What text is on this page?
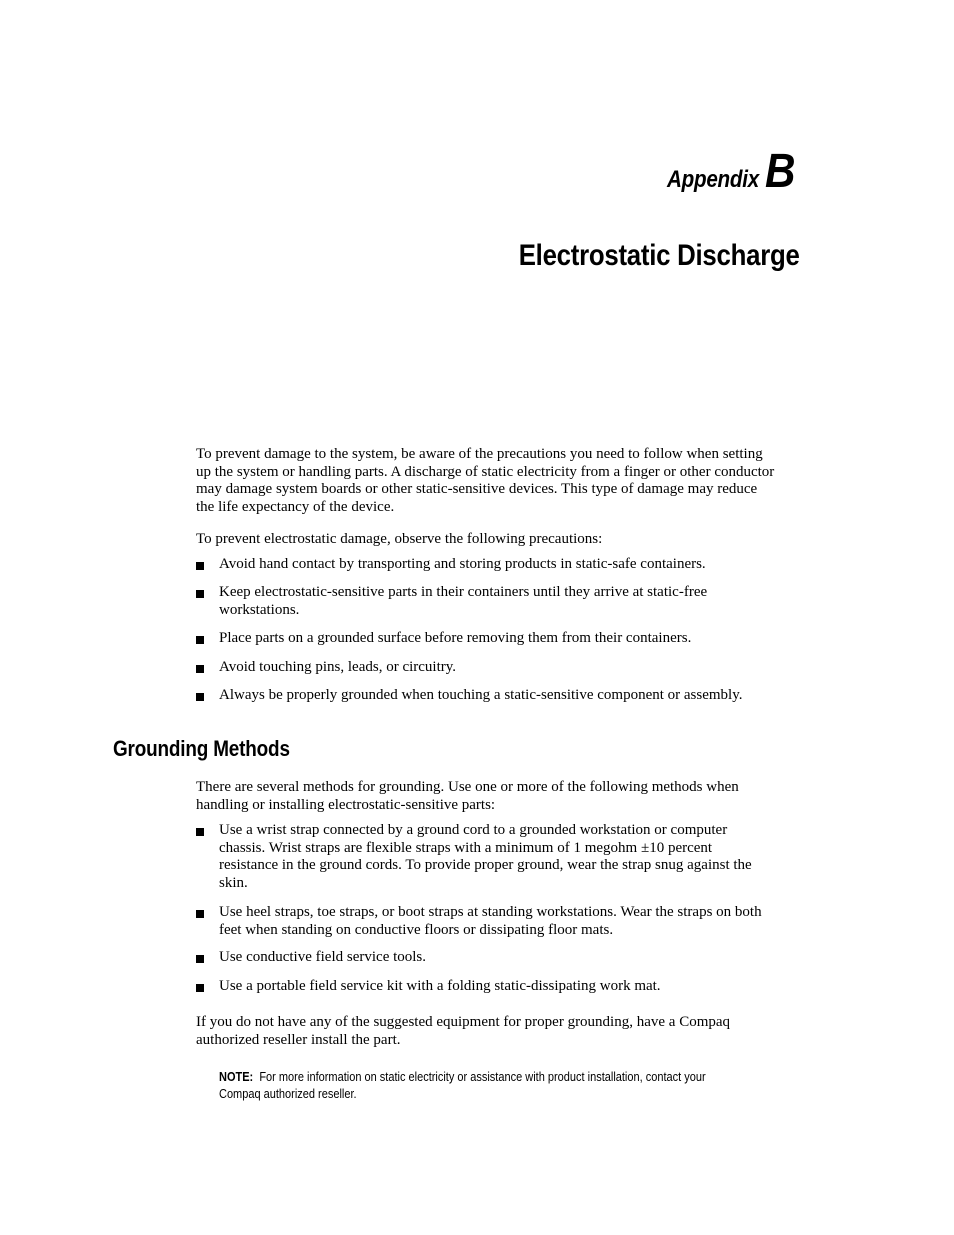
Appendix B
Electrostatic Discharge

To prevent damage to the system, be aware of the precautions you need to follow when setting
up the system or handling parts. A discharge of static electricity from a finger or other conductor
may damage system boards or other static-sensitive devices. This type of damage may reduce
the life expectancy of the device.

To prevent electrostatic damage, observe the following precautions:

Avoid hand contact by transporting and storing products in static-safe containers.
Keep electrostatic-sensitive parts in their containers until they arrive at static-free
workstations.
Place parts on a grounded surface before removing them from their containers.
Avoid touching pins, leads, or circuitry.
Always be properly grounded when touching a static-sensitive component or assembly.
Grounding Methods

There are several methods for grounding. Use one or more of the following methods when
handling or installing electrostatic-sensitive parts:

Use a wrist strap connected by a ground cord to a grounded workstation or computer
chassis. Wrist straps are flexible straps with a minimum of 1 megohm ±10 percent
resistance in the ground cords. To provide proper ground, wear the strap snug against the
skin.
Use heel straps, toe straps, or boot straps at standing workstations. Wear the straps on both
feet when standing on conductive floors or dissipating floor mats.
Use conductive field service tools.
Use a portable field service kit with a folding static-dissipating work mat.

If you do not have any of the suggested equipment for proper grounding, have a Compaq
authorized reseller install the part.

NOTE: For more information on static electricity or assistance with product installation, contact your
Compaq authorized reseller.
